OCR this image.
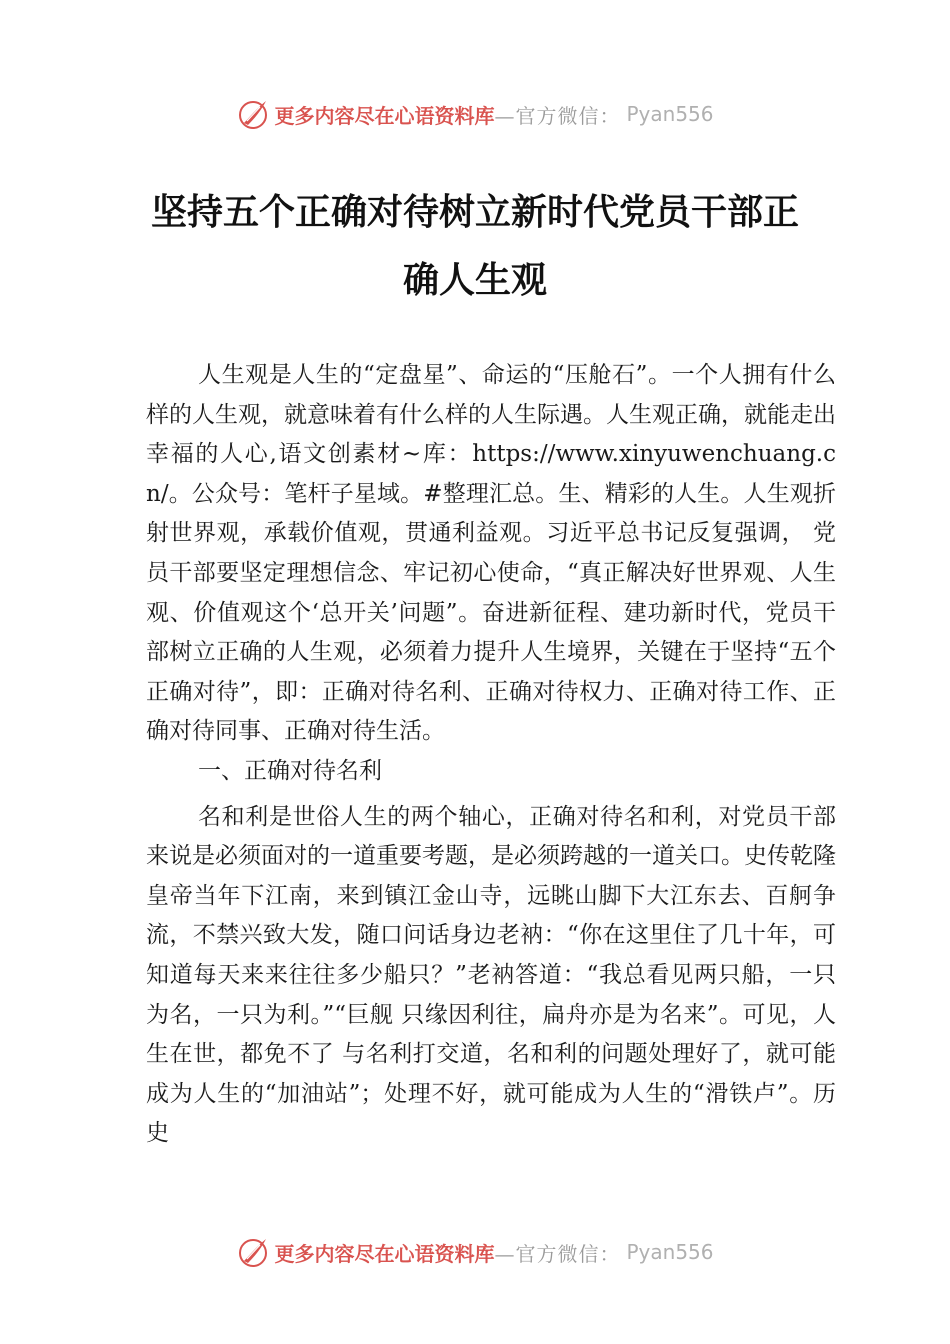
更多内容尽在心语资料库 —官方微信： Pyan556
坚持五个正确对待树立新时代党员干部正
确人生观

人生观是人生的“定盘星”、命运的“压舱石”。一个人拥有什么样的人生观，就意味着有什么样的人生际遇。人生观正确，就能走出幸福的人心,语文创素材~库：https://www.xinyuwenchuang.cn/。公众号：笔杆子星域。#整理汇总。生、精彩的人生。人生观折射世界观，承载价值观，贯通利益观。习近平总书记反复强调， 党员干部要坚定理想信念、牢记初心使命，“真正解决好世界观、人生观、价值观这个‘总开关’问题”。奋进新征程、建功新时代，党员干部树立正确的人生观，必须着力提升人生境界，关键在于坚持“五个正确对待”，即：正确对待名利、正确对待权力、正确对待工作、正确对待同事、正确对待生活。

一、正确对待名利

名和利是世俗人生的两个轴心，正确对待名和利，对党员干部来说是必须面对的一道重要考题，是必须跨越的一道关口。史传乾隆皇帝当年下江南，来到镇江金山寺，远眺山脚下大江东去、百舸争流，不禁兴致大发，随口问话身边老衲：“你在这里住了几十年，可知道每天来来往往多少船只？”老衲答道：“我总看见两只船，一只为名，一只为利。”“巨舰 只缘因利往，扁舟亦是为名来”。可见，人生在世，都免不了 与名利打交道，名和利的问题处理好了，就可能成为人生的“加油站”；处理不好，就可能成为人生的“滑铁卢”。历史

更多内容尽在心语资料库 —官方微信： Pyan556
